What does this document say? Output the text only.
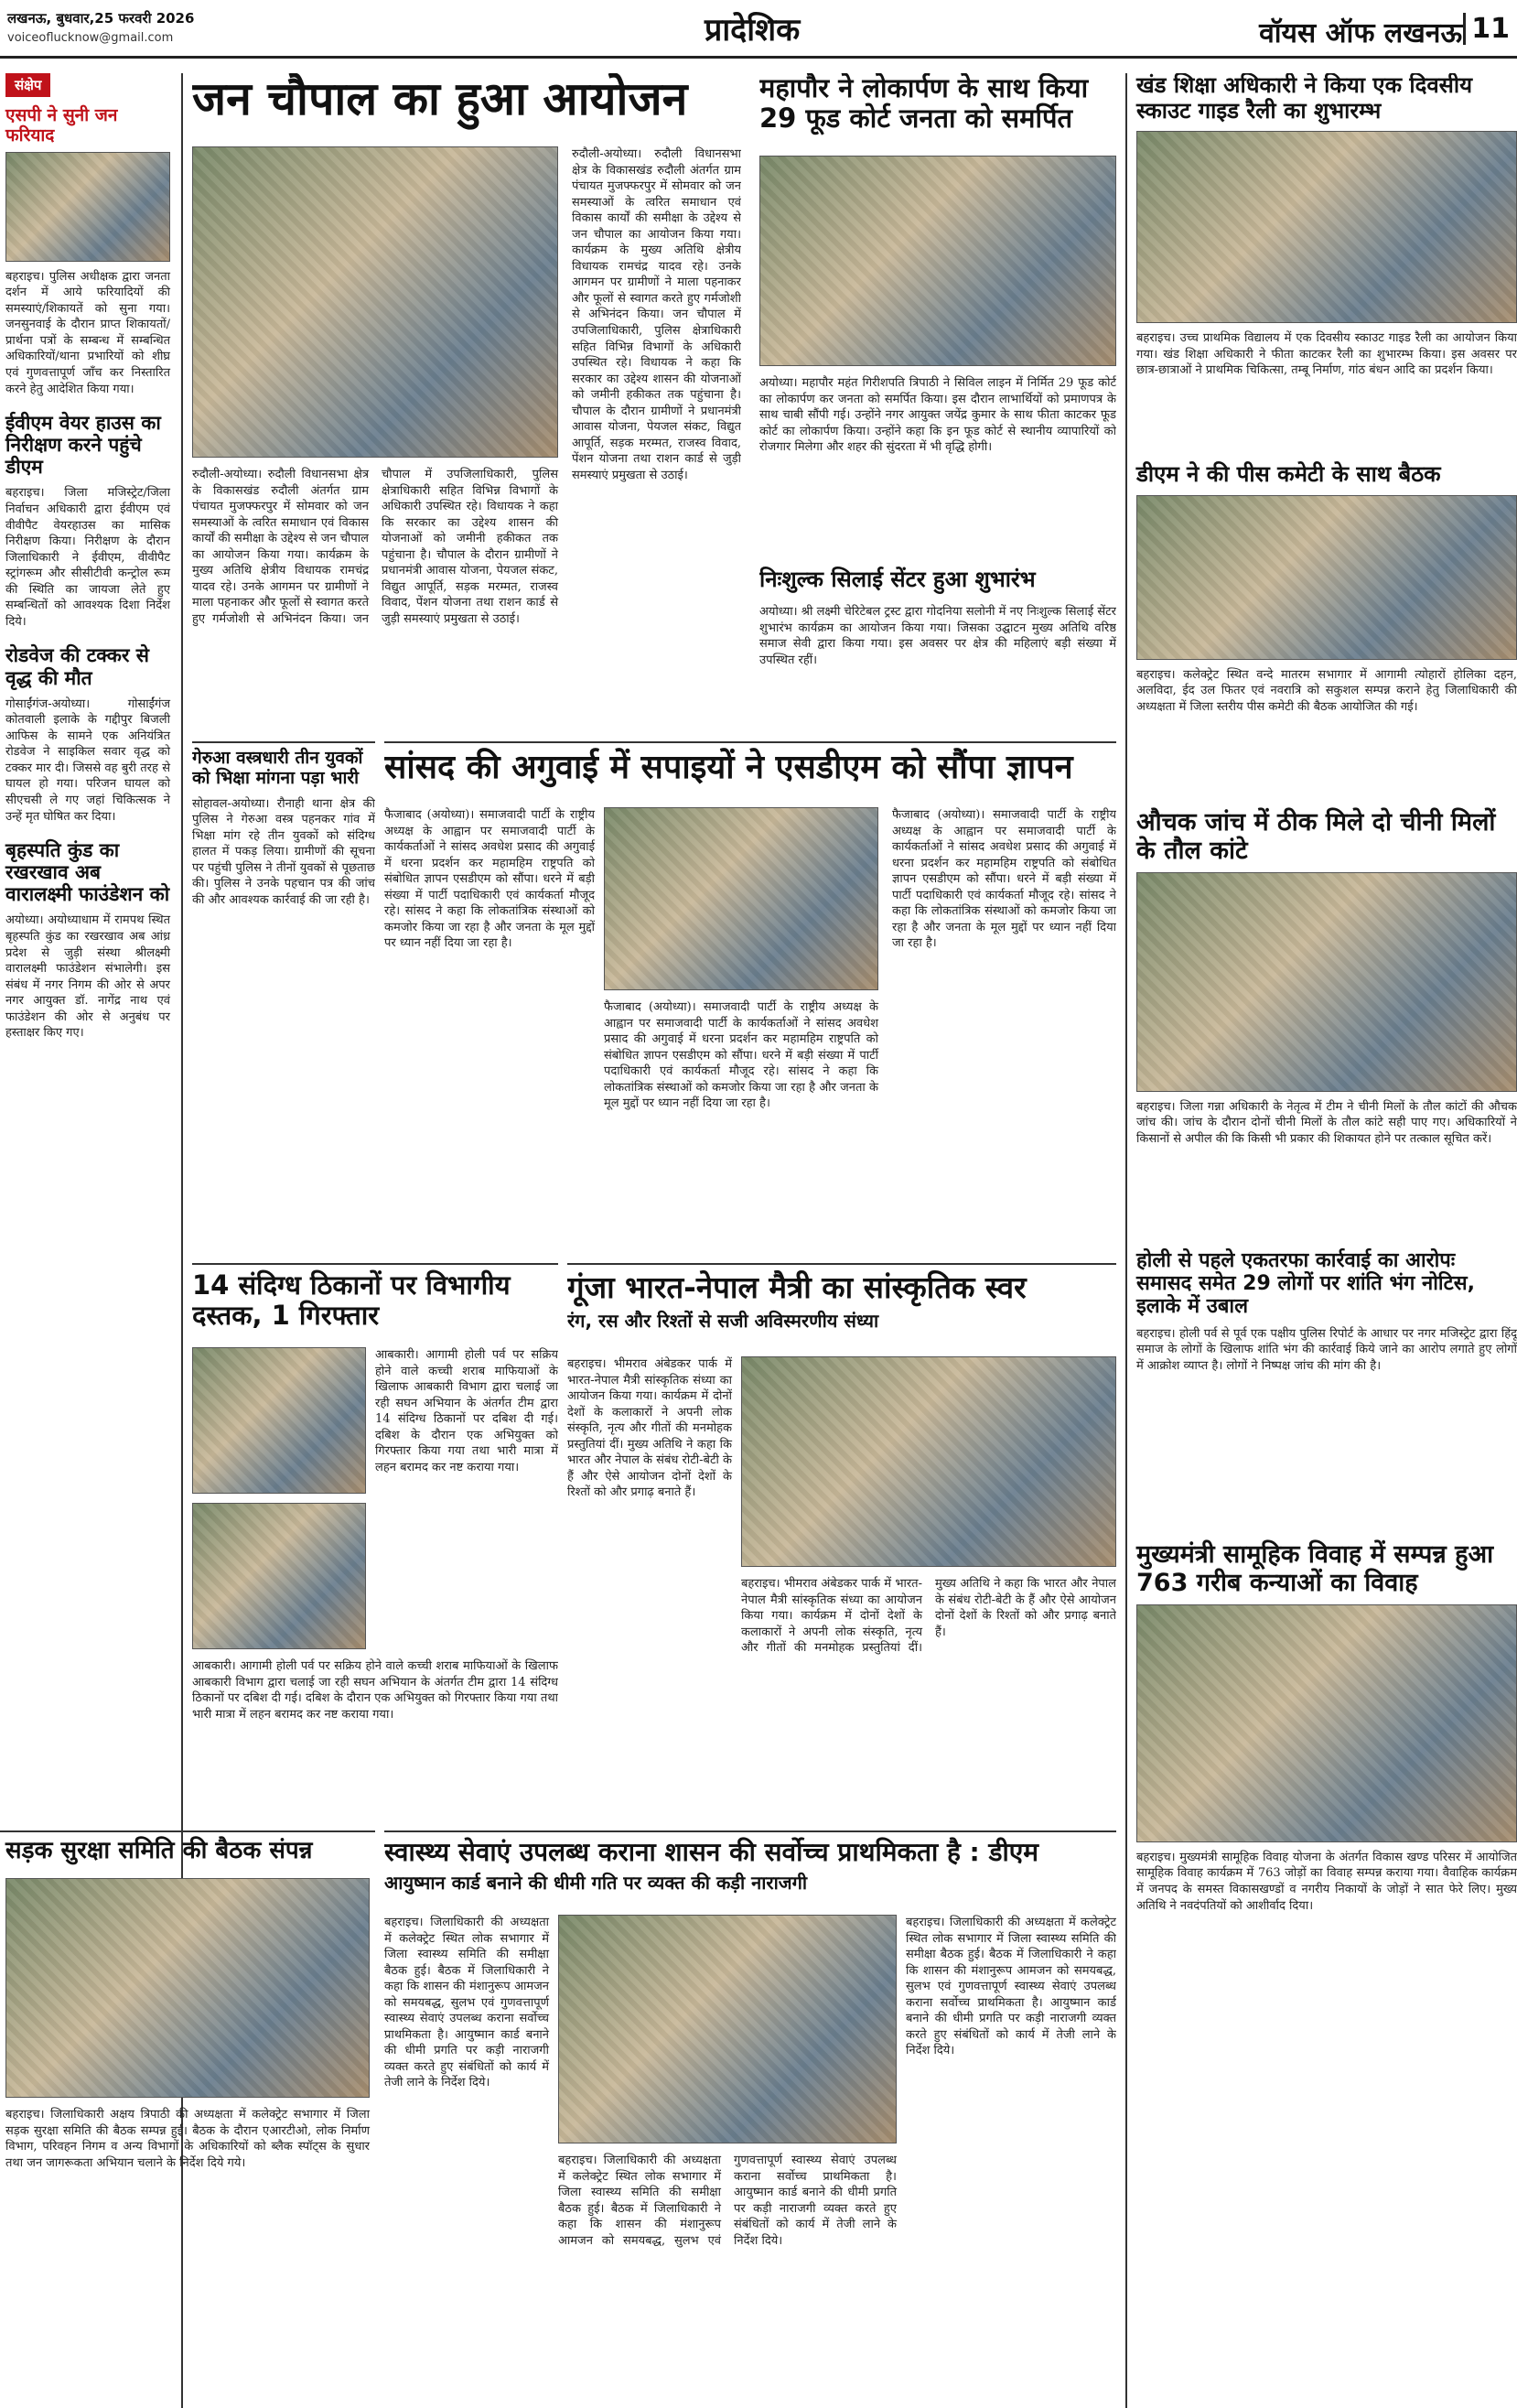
लखनऊ, बुधवार,25 फरवरी 2026
voiceoflucknow@gmail.com	प्रादेशिक	वॉयस ऑफ लखनऊ 11
संक्षेप
एसपी ने सुनी जन फरियाद
बहराइच। पुलिस अधीक्षक द्वारा जनता दर्शन में आये फरियादियों की समस्याएं/शिकायतें को सुना गया। जनसुनवाई के दौरान प्राप्त शिकायतों/प्रार्थना पत्रों के सम्बन्ध में सम्बन्धित अधिकारियों/थाना प्रभारियों को शीघ्र एवं गुणवत्तापूर्ण जाँच कर निस्तारित करने हेतु आदेशित किया गया।
ईवीएम वेयर हाउस का निरीक्षण करने पहुंचे डीएम
बहराइच। जिला मजिस्ट्रेट/जिला निर्वाचन अधिकारी द्वारा ईवीएम एवं वीवीपैट वेयरहाउस का मासिक निरीक्षण किया। निरीक्षण के दौरान जिलाधिकारी ने ईवीएम, वीवीपैट स्ट्रांगरूम और सीसीटीवी कन्ट्रोल रूम की स्थिति का जायजा लेते हुए सम्बन्धितों को आवश्यक दिशा निर्देश दिये।
रोडवेज की टक्कर से वृद्ध की मौत
गोसाईंगंज-अयोध्या। गोसाईंगंज कोतवाली इलाके के गद्दीपुर बिजली आफिस के सामने एक अनियंत्रित रोडवेज ने साइकिल सवार वृद्ध को टक्कर मार दी। जिससे वह बुरी तरह से घायल हो गया। परिजन घायल को सीएचसी ले गए जहां चिकित्सक ने उन्हें मृत घोषित कर दिया।
बृहस्पति कुंड का रखरखाव अब वारालक्ष्मी फाउंडेशन को
अयोध्या। अयोध्याधाम में रामपथ स्थित बृहस्पति कुंड का रखरखाव अब आंध्र प्रदेश से जुड़ी संस्था श्रीलक्ष्मी वारालक्ष्मी फाउंडेशन संभालेगी। इस संबंध में नगर निगम की ओर से अपर नगर आयुक्त डॉ. नागेंद्र नाथ एवं फाउंडेशन की ओर से अनुबंध पर हस्ताक्षर किए गए।
जन चौपाल का हुआ आयोजन
रुदौली-अयोध्या। रुदौली विधानसभा क्षेत्र के विकासखंड रुदौली अंतर्गत ग्राम पंचायत मुजफ्फरपुर में सोमवार को जन समस्याओं के त्वरित समाधान एवं विकास कार्यों की समीक्षा के उद्देश्य से जन चौपाल का आयोजन किया गया। कार्यक्रम के मुख्य अतिथि क्षेत्रीय विधायक रामचंद्र यादव रहे। उनके आगमन पर ग्रामीणों ने माला पहनाकर और फूलों से स्वागत करते हुए गर्मजोशी से अभिनंदन किया। जन चौपाल में उपजिलाधिकारी, पुलिस क्षेत्राधिकारी सहित विभिन्न विभागों के अधिकारी उपस्थित रहे। विधायक ने कहा कि सरकार का उद्देश्य शासन की योजनाओं को जमीनी हकीकत तक पहुंचाना है। चौपाल के दौरान ग्रामीणों ने प्रधानमंत्री आवास योजना, पेयजल संकट, विद्युत आपूर्ति, सड़क मरम्मत, राजस्व विवाद, पेंशन योजना तथा राशन कार्ड से जुड़ी समस्याएं प्रमुखता से उठाई।
रुदौली-अयोध्या। रुदौली विधानसभा क्षेत्र के विकासखंड रुदौली अंतर्गत ग्राम पंचायत मुजफ्फरपुर में सोमवार को जन समस्याओं के त्वरित समाधान एवं विकास कार्यों की समीक्षा के उद्देश्य से जन चौपाल का आयोजन किया गया। कार्यक्रम के मुख्य अतिथि क्षेत्रीय विधायक रामचंद्र यादव रहे। उनके आगमन पर ग्रामीणों ने माला पहनाकर और फूलों से स्वागत करते हुए गर्मजोशी से अभिनंदन किया। जन चौपाल में उपजिलाधिकारी, पुलिस क्षेत्राधिकारी सहित विभिन्न विभागों के अधिकारी उपस्थित रहे। विधायक ने कहा कि सरकार का उद्देश्य शासन की योजनाओं को जमीनी हकीकत तक पहुंचाना है। चौपाल के दौरान ग्रामीणों ने प्रधानमंत्री आवास योजना, पेयजल संकट, विद्युत आपूर्ति, सड़क मरम्मत, राजस्व विवाद, पेंशन योजना तथा राशन कार्ड से जुड़ी समस्याएं प्रमुखता से उठाई।
महापौर ने लोकार्पण के साथ किया 29 फूड कोर्ट जनता को समर्पित
अयोध्या। महापौर महंत गिरीशपति त्रिपाठी ने सिविल लाइन में निर्मित 29 फूड कोर्ट का लोकार्पण कर जनता को समर्पित किया। इस दौरान लाभार्थियों को प्रमाणपत्र के साथ चाबी सौंपी गई। उन्होंने नगर आयुक्त जयेंद्र कुमार के साथ फीता काटकर फूड कोर्ट का लोकार्पण किया। उन्होंने कहा कि इन फूड कोर्ट से स्थानीय व्यापारियों को रोजगार मिलेगा और शहर की सुंदरता में भी वृद्धि होगी।
निःशुल्क सिलाई सेंटर हुआ शुभारंभ
अयोध्या। श्री लक्ष्मी चेरिटेबल ट्रस्ट द्वारा गोदनिया सलोनी में नए निःशुल्क सिलाई सेंटर शुभारंभ कार्यक्रम का आयोजन किया गया। जिसका उद्घाटन मुख्य अतिथि वरिष्ठ समाज सेवी द्वारा किया गया। इस अवसर पर क्षेत्र की महिलाएं बड़ी संख्या में उपस्थित रहीं।
खंड शिक्षा अधिकारी ने किया एक दिवसीय स्काउट गाइड रैली का शुभारम्भ
बहराइच। उच्च प्राथमिक विद्यालय में एक दिवसीय स्काउट गाइड रैली का आयोजन किया गया। खंड शिक्षा अधिकारी ने फीता काटकर रैली का शुभारम्भ किया। इस अवसर पर छात्र-छात्राओं ने प्राथमिक चिकित्सा, तम्बू निर्माण, गांठ बंधन आदि का प्रदर्शन किया।
डीएम ने की पीस कमेटी के साथ बैठक
बहराइच। कलेक्ट्रेट स्थित वन्दे मातरम सभागार में आगामी त्योहारों होलिका दहन, अलविदा, ईद उल फितर एवं नवरात्रि को सकुशल सम्पन्न कराने हेतु जिलाधिकारी की अध्यक्षता में जिला स्तरीय पीस कमेटी की बैठक आयोजित की गई।
औचक जांच में ठीक मिले दो चीनी मिलों के तौल कांटे
बहराइच। जिला गन्ना अधिकारी के नेतृत्व में टीम ने चीनी मिलों के तौल कांटों की औचक जांच की। जांच के दौरान दोनों चीनी मिलों के तौल कांटे सही पाए गए। अधिकारियों ने किसानों से अपील की कि किसी भी प्रकार की शिकायत होने पर तत्काल सूचित करें।
होली से पहले एकतरफा कार्रवाई का आरोपः समासद समेत 29 लोगों पर शांति भंग नोटिस, इलाके में उबाल
बहराइच। होली पर्व से पूर्व एक पक्षीय पुलिस रिपोर्ट के आधार पर नगर मजिस्ट्रेट द्वारा हिंदू समाज के लोगों के खिलाफ शांति भंग की कार्रवाई किये जाने का आरोप लगाते हुए लोगों में आक्रोश व्याप्त है। लोगों ने निष्पक्ष जांच की मांग की है।
मुख्यमंत्री सामूहिक विवाह में सम्पन्न हुआ 763 गरीब कन्याओं का विवाह
बहराइच। मुख्यमंत्री सामूहिक विवाह योजना के अंतर्गत विकास खण्ड परिसर में आयोजित सामूहिक विवाह कार्यक्रम में 763 जोड़ों का विवाह सम्पन्न कराया गया। वैवाहिक कार्यक्रम में जनपद के समस्त विकासखण्डों व नगरीय निकायों के जोड़ों ने सात फेरे लिए। मुख्य अतिथि ने नवदंपतियों को आशीर्वाद दिया।
गेरुआ वस्त्रधारी तीन युवकों को भिक्षा मांगना पड़ा भारी
सोहावल-अयोध्या। रौनाही थाना क्षेत्र की पुलिस ने गेरुआ वस्त्र पहनकर गांव में भिक्षा मांग रहे तीन युवकों को संदिग्ध हालत में पकड़ लिया। ग्रामीणों की सूचना पर पहुंची पुलिस ने तीनों युवकों से पूछताछ की। पुलिस ने उनके पहचान पत्र की जांच की और आवश्यक कार्रवाई की जा रही है।
सांसद की अगुवाई में सपाइयों ने एसडीएम को सौंपा ज्ञापन
फैजाबाद (अयोध्या)। समाजवादी पार्टी के राष्ट्रीय अध्यक्ष के आह्वान पर समाजवादी पार्टी के कार्यकर्ताओं ने सांसद अवधेश प्रसाद की अगुवाई में धरना प्रदर्शन कर महामहिम राष्ट्रपति को संबोधित ज्ञापन एसडीएम को सौंपा। धरने में बड़ी संख्या में पार्टी पदाधिकारी एवं कार्यकर्ता मौजूद रहे। सांसद ने कहा कि लोकतांत्रिक संस्थाओं को कमजोर किया जा रहा है और जनता के मूल मुद्दों पर ध्यान नहीं दिया जा रहा है।
फैजाबाद (अयोध्या)। समाजवादी पार्टी के राष्ट्रीय अध्यक्ष के आह्वान पर समाजवादी पार्टी के कार्यकर्ताओं ने सांसद अवधेश प्रसाद की अगुवाई में धरना प्रदर्शन कर महामहिम राष्ट्रपति को संबोधित ज्ञापन एसडीएम को सौंपा। धरने में बड़ी संख्या में पार्टी पदाधिकारी एवं कार्यकर्ता मौजूद रहे। सांसद ने कहा कि लोकतांत्रिक संस्थाओं को कमजोर किया जा रहा है और जनता के मूल मुद्दों पर ध्यान नहीं दिया जा रहा है।
फैजाबाद (अयोध्या)। समाजवादी पार्टी के राष्ट्रीय अध्यक्ष के आह्वान पर समाजवादी पार्टी के कार्यकर्ताओं ने सांसद अवधेश प्रसाद की अगुवाई में धरना प्रदर्शन कर महामहिम राष्ट्रपति को संबोधित ज्ञापन एसडीएम को सौंपा। धरने में बड़ी संख्या में पार्टी पदाधिकारी एवं कार्यकर्ता मौजूद रहे। सांसद ने कहा कि लोकतांत्रिक संस्थाओं को कमजोर किया जा रहा है और जनता के मूल मुद्दों पर ध्यान नहीं दिया जा रहा है।
14 संदिग्ध ठिकानों पर विभागीय दस्तक, 1 गिरफ्तार
आबकारी। आगामी होली पर्व पर सक्रिय होने वाले कच्ची शराब माफियाओं के खिलाफ आबकारी विभाग द्वारा चलाई जा रही सघन अभियान के अंतर्गत टीम द्वारा 14 संदिग्ध ठिकानों पर दबिश दी गई। दबिश के दौरान एक अभियुक्त को गिरफ्तार किया गया तथा भारी मात्रा में लहन बरामद कर नष्ट कराया गया।
आबकारी। आगामी होली पर्व पर सक्रिय होने वाले कच्ची शराब माफियाओं के खिलाफ आबकारी विभाग द्वारा चलाई जा रही सघन अभियान के अंतर्गत टीम द्वारा 14 संदिग्ध ठिकानों पर दबिश दी गई। दबिश के दौरान एक अभियुक्त को गिरफ्तार किया गया तथा भारी मात्रा में लहन बरामद कर नष्ट कराया गया।
गूंजा भारत-नेपाल मैत्री का सांस्कृतिक स्वर
रंग, रस और रिश्तों से सजी अविस्मरणीय संध्या
बहराइच। भीमराव अंबेडकर पार्क में भारत-नेपाल मैत्री सांस्कृतिक संध्या का आयोजन किया गया। कार्यक्रम में दोनों देशों के कलाकारों ने अपनी लोक संस्कृति, नृत्य और गीतों की मनमोहक प्रस्तुतियां दीं। मुख्य अतिथि ने कहा कि भारत और नेपाल के संबंध रोटी-बेटी के हैं और ऐसे आयोजन दोनों देशों के रिश्तों को और प्रगाढ़ बनाते हैं।
बहराइच। भीमराव अंबेडकर पार्क में भारत-नेपाल मैत्री सांस्कृतिक संध्या का आयोजन किया गया। कार्यक्रम में दोनों देशों के कलाकारों ने अपनी लोक संस्कृति, नृत्य और गीतों की मनमोहक प्रस्तुतियां दीं। मुख्य अतिथि ने कहा कि भारत और नेपाल के संबंध रोटी-बेटी के हैं और ऐसे आयोजन दोनों देशों के रिश्तों को और प्रगाढ़ बनाते हैं।
सड़क सुरक्षा समिति की बैठक संपन्न
बहराइच। जिलाधिकारी अक्षय त्रिपाठी की अध्यक्षता में कलेक्ट्रेट सभागार में जिला सड़क सुरक्षा समिति की बैठक सम्पन्न हुई। बैठक के दौरान एआरटीओ, लोक निर्माण विभाग, परिवहन निगम व अन्य विभागों के अधिकारियों को ब्लैक स्पॉट्स के सुधार तथा जन जागरूकता अभियान चलाने के निर्देश दिये गये।
स्वास्थ्य सेवाएं उपलब्ध कराना शासन की सर्वोच्च प्राथमिकता है : डीएम
आयुष्मान कार्ड बनाने की धीमी गति पर व्यक्त की कड़ी नाराजगी
बहराइच। जिलाधिकारी की अध्यक्षता में कलेक्ट्रेट स्थित लोक सभागार में जिला स्वास्थ्य समिति की समीक्षा बैठक हुई। बैठक में जिलाधिकारी ने कहा कि शासन की मंशानुरूप आमजन को समयबद्ध, सुलभ एवं गुणवत्तापूर्ण स्वास्थ्य सेवाएं उपलब्ध कराना सर्वोच्च प्राथमिकता है। आयुष्मान कार्ड बनाने की धीमी प्रगति पर कड़ी नाराजगी व्यक्त करते हुए संबंधितों को कार्य में तेजी लाने के निर्देश दिये।
बहराइच। जिलाधिकारी की अध्यक्षता में कलेक्ट्रेट स्थित लोक सभागार में जिला स्वास्थ्य समिति की समीक्षा बैठक हुई। बैठक में जिलाधिकारी ने कहा कि शासन की मंशानुरूप आमजन को समयबद्ध, सुलभ एवं गुणवत्तापूर्ण स्वास्थ्य सेवाएं उपलब्ध कराना सर्वोच्च प्राथमिकता है। आयुष्मान कार्ड बनाने की धीमी प्रगति पर कड़ी नाराजगी व्यक्त करते हुए संबंधितों को कार्य में तेजी लाने के निर्देश दिये।
बहराइच। जिलाधिकारी की अध्यक्षता में कलेक्ट्रेट स्थित लोक सभागार में जिला स्वास्थ्य समिति की समीक्षा बैठक हुई। बैठक में जिलाधिकारी ने कहा कि शासन की मंशानुरूप आमजन को समयबद्ध, सुलभ एवं गुणवत्तापूर्ण स्वास्थ्य सेवाएं उपलब्ध कराना सर्वोच्च प्राथमिकता है। आयुष्मान कार्ड बनाने की धीमी प्रगति पर कड़ी नाराजगी व्यक्त करते हुए संबंधितों को कार्य में तेजी लाने के निर्देश दिये।
